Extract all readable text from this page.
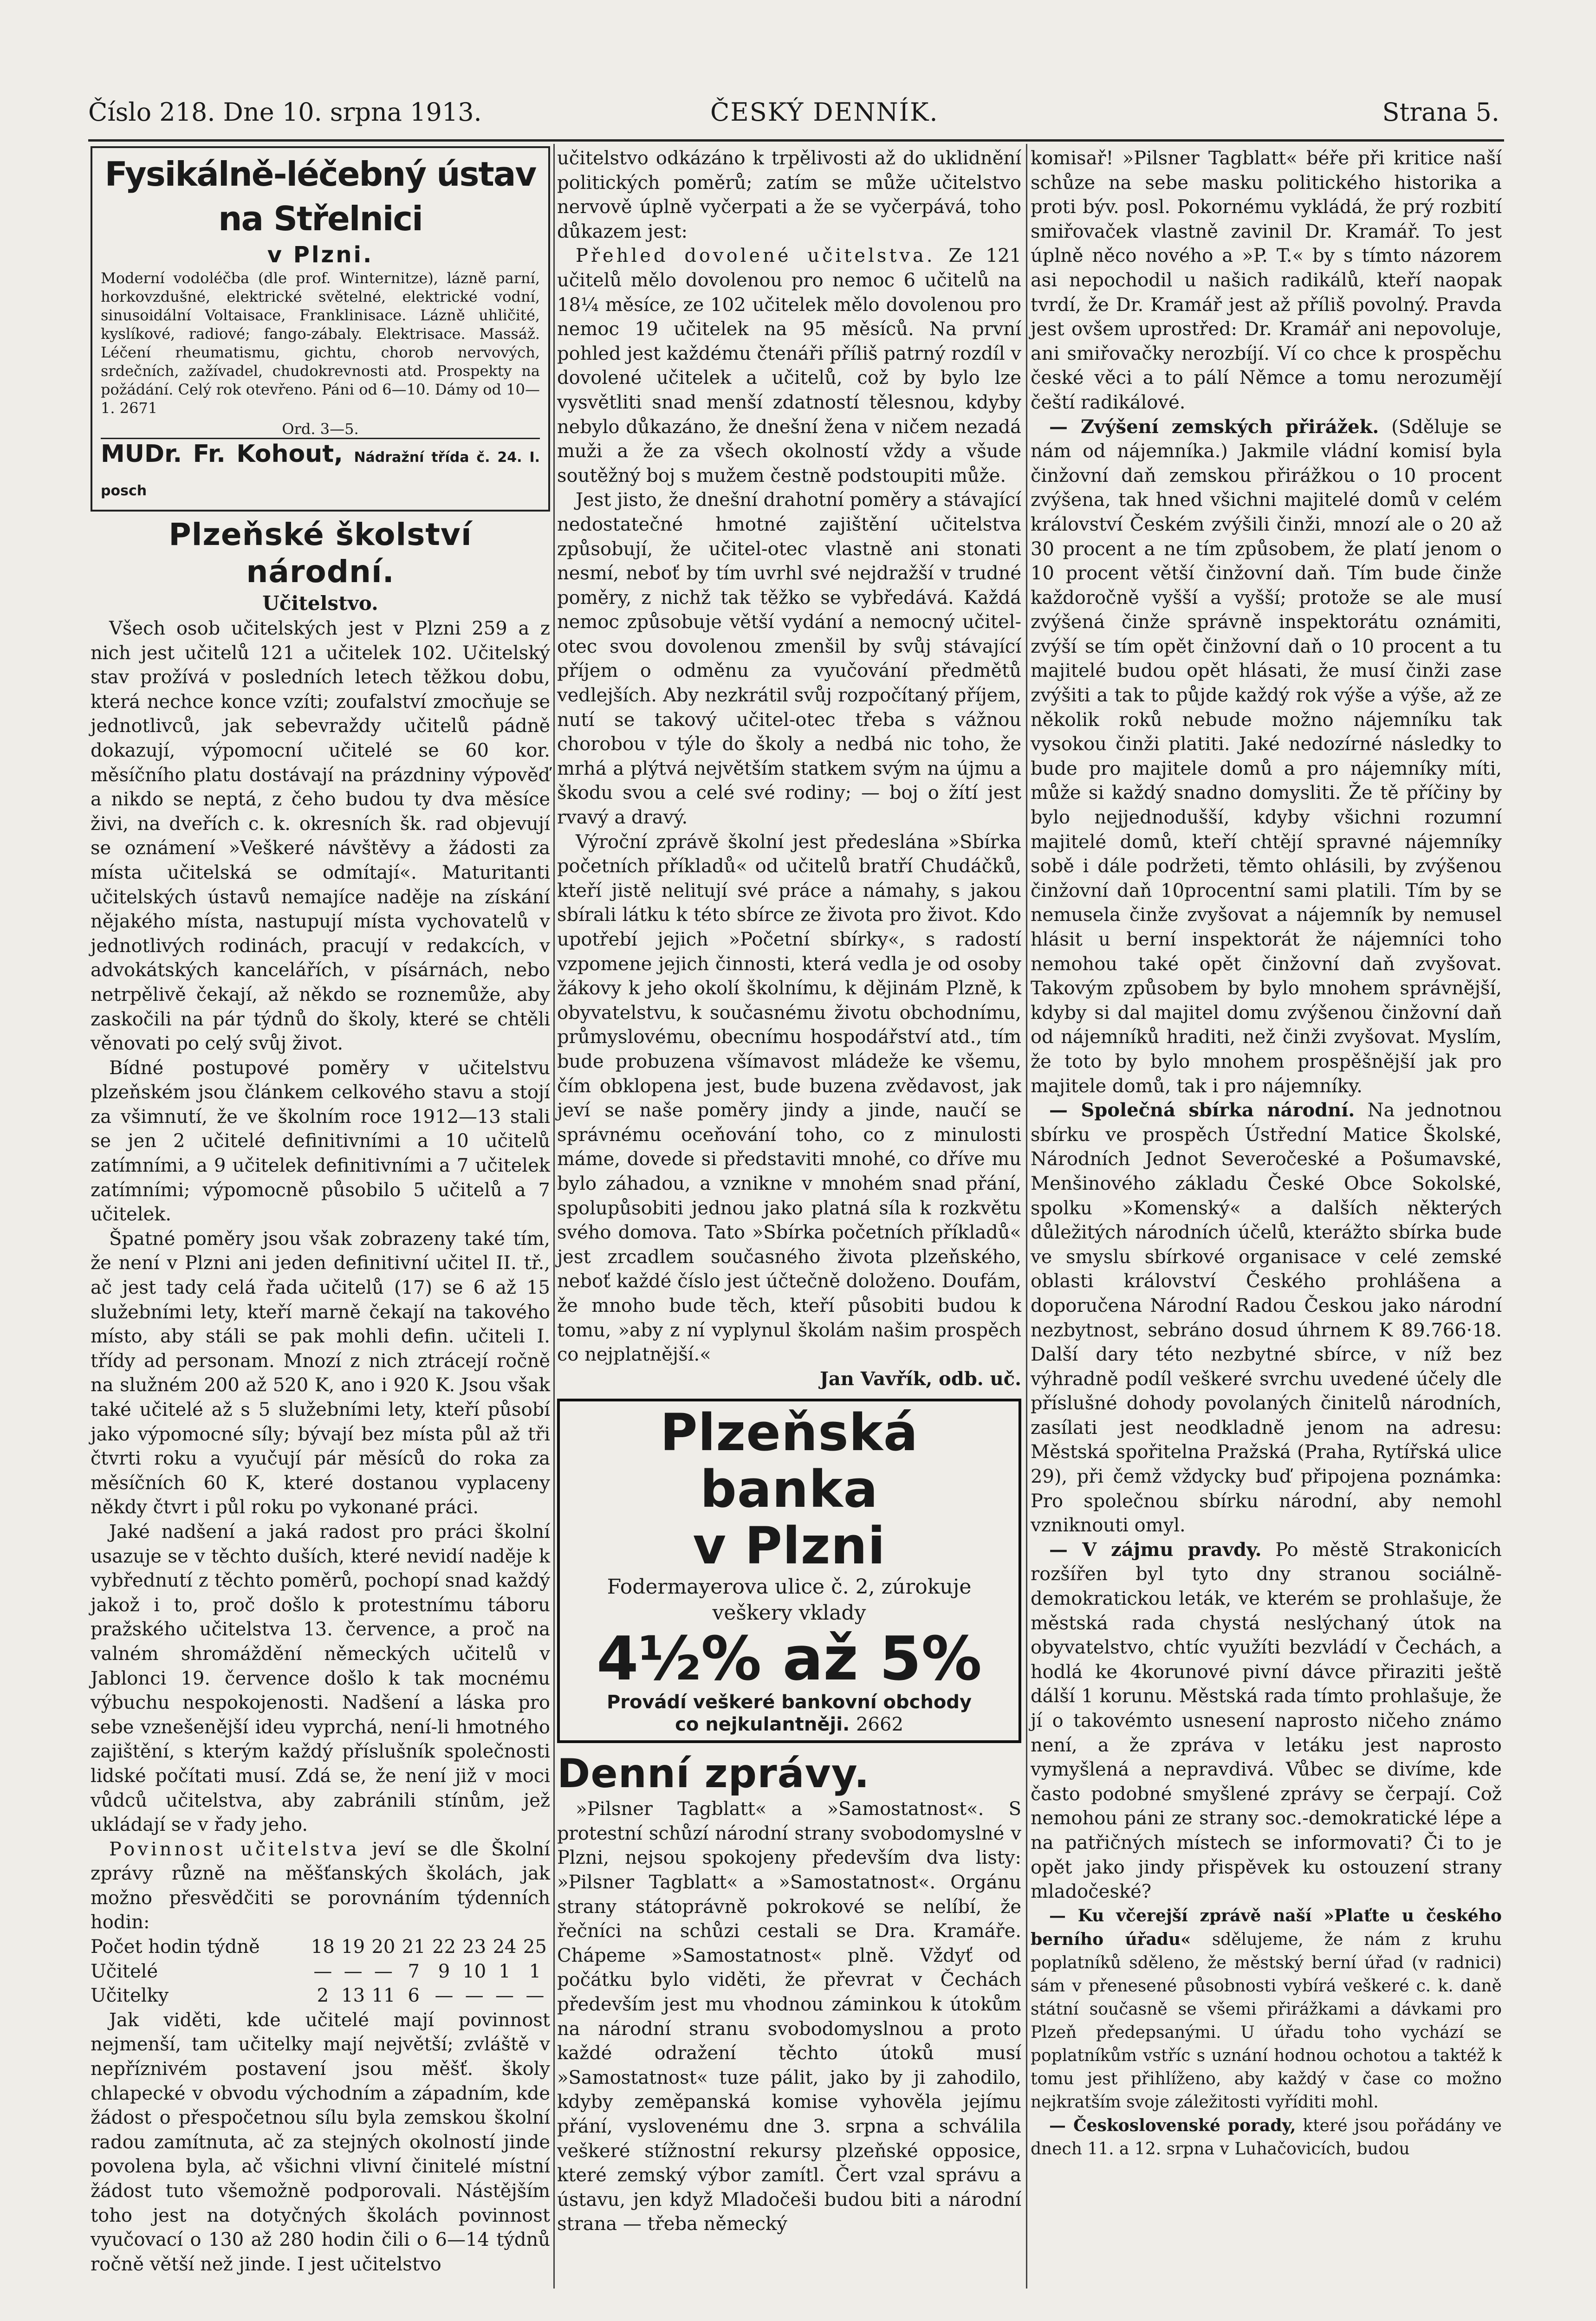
Číslo 218. Dne 10. srpna 1913.	ČESKÝ DENNÍK.	Strana 5.
Fysikálně-léčebný ústav na Střelnici
v Plzni.
Moderní vodoléčba (dle prof. Winternitze), lázně parní, horkovzdušné, elektrické světelné, elektrické vodní, sinusoidální Voltaisace, Franklinisace. Lázně uhličité, kyslíkové, radiové; fango-zábaly. Elektrisace. Massáž. Léčení rheumatismu, gichtu, chorob nervových, srdečních, zažívadel, chudokrevnosti atd. Prospekty na požádání. Celý rok otevřeno. Páni od 6—10. Dámy od 10—1. 2671
Ord. 3—5.
MUDr. Fr. Kohout, Nádražní třída č. 24. I. posch
Plzeňské školství národní.
Učitelstvo.

Všech osob učitelských jest v Plzni 259 a z nich jest učitelů 121 a učitelek 102. Učitelský stav prožívá v posledních letech těžkou dobu, která nechce konce vzíti; zoufalství zmocňuje se jednotlivců, jak sebevraždy učitelů pádně dokazují, výpomocní učitelé se 60 kor. měsíčního platu dostávají na prázdniny výpověď a nikdo se neptá, z čeho budou ty dva měsíce živi, na dveřích c. k. okresních šk. rad objevují se oznámení »Veškeré návštěvy a žádosti za místa učitelská se odmítají«. Maturitanti učitelských ústavů nemajíce naděje na získání nějakého místa, nastupují místa vychovatelů v jednotlivých rodinách, pracují v redakcích, v advokátských kancelářích, v písárnách, nebo netrpělivě čekají, až někdo se roznemůže, aby zaskočili na pár týdnů do školy, které se chtěli věnovati po celý svůj život.

Bídné postupové poměry v učitelstvu plzeňském jsou článkem celkového stavu a stojí za všimnutí, že ve školním roce 1912—13 stali se jen 2 učitelé definitivními a 10 učitelů zatímními, a 9 učitelek definitivními a 7 učitelek zatímními; výpomocně působilo 5 učitelů a 7 učitelek.

Špatné poměry jsou však zobrazeny také tím, že není v Plzni ani jeden definitivní učitel II. tř., ač jest tady celá řada učitelů (17) se 6 až 15 služebními lety, kteří marně čekají na takového místo, aby stáli se pak mohli defin. učiteli I. třídy ad personam. Mnozí z nich ztrácejí ročně na služném 200 až 520 K, ano i 920 K. Jsou však také učitelé až s 5 služebními lety, kteří působí jako výpomocné síly; bývají bez místa půl až tři čtvrti roku a vyučují pár měsíců do roka za měsíčních 60 K, které dostanou vyplaceny někdy čtvrt i půl roku po vykonané práci.

Jaké nadšení a jaká radost pro práci školní usazuje se v těchto duších, které nevidí naděje k vybřednutí z těchto poměrů, pochopí snad každý jakož i to, proč došlo k protestnímu táboru pražského učitelstva 13. července, a proč na valném shromáždění německých učitelů v Jablonci 19. července došlo k tak mocnému výbuchu nespokojenosti. Nadšení a láska pro sebe vznešenější ideu vyprchá, není-li hmotného zajištění, s kterým každý příslušník společnosti lidské počítati musí. Zdá se, že není již v moci vůdců učitelstva, aby zabránili stínům, jež ukládají se v řady jeho.

Povinnost učitelstva jeví se dle Školní zprávy různě na měšťanských školách, jak možno přesvědčiti se porovnáním týdenních hodin:

Počet hodin týdně	18	19	20	21	22	23	24	25
Učitelé	—	—	—	7	9	10	1	1
Učitelky	2	13	11	6	—	—	—	—

Jak viděti, kde učitelé mají povinnost nejmenší, tam učitelky mají největší; zvláště v nepříznivém postavení jsou měšť. školy chlapecké v obvodu východním a západním, kde žádost o přespočetnou sílu byla zemskou školní radou zamítnuta, ač za stejných okolností jinde povolena byla, ač všichni vlivní činitelé místní žádost tuto všemožně podporovali. Nástějším toho jest na dotyčných školách povinnost vyučovací o 130 až 280 hodin čili o 6—14 týdnů ročně větší než jinde. I jest učitelstvo

učitelstvo odkázáno k trpělivosti až do uklidnění politických poměrů; zatím se může učitelstvo nervově úplně vyčerpati a že se vyčerpává, toho důkazem jest:

Přehled dovolené učitelstva. Ze 121 učitelů mělo dovolenou pro nemoc 6 učitelů na 18¼ měsíce, ze 102 učitelek mělo dovolenou pro nemoc 19 učitelek na 95 měsíců. Na první pohled jest každému čtenáři příliš patrný rozdíl v dovolené učitelek a učitelů, což by bylo lze vysvětliti snad menší zdatností tělesnou, kdyby nebylo důkazáno, že dnešní žena v ničem nezadá muži a že za všech okolností vždy a všude soutěžný boj s mužem čestně podstoupiti může.

Jest jisto, že dnešní drahotní poměry a stávající nedostatečné hmotné zajištění učitelstva způsobují, že učitel-otec vlastně ani stonati nesmí, neboť by tím uvrhl své nejdražší v trudné poměry, z nichž tak těžko se vybředává. Každá nemoc způsobuje větší vydání a nemocný učitel-otec svou dovolenou zmenšil by svůj stávající příjem o odměnu za vyučování předmětů vedlejších. Aby nezkrátil svůj rozpočítaný příjem, nutí se takový učitel-otec třeba s vážnou chorobou v týle do školy a nedbá nic toho, že mrhá a plýtvá největším statkem svým na újmu a škodu svou a celé své rodiny; — boj o žítí jest rvavý a dravý.

Výroční zprávě školní jest předeslána »Sbírka početních příkladů« od učitelů bratří Chudáčků, kteří jistě nelitují své práce a námahy, s jakou sbírali látku k této sbírce ze života pro život. Kdo upotřebí jejich »Početní sbírky«, s radostí vzpomene jejich činnosti, která vedla je od osoby žákovy k jeho okolí školnímu, k dějinám Plzně, k obyvatelstvu, k současnému životu obchodnímu, průmyslovému, obecnímu hospodářství atd., tím bude probuzena všímavost mládeže ke všemu, čím obklopena jest, bude buzena zvědavost, jak jeví se naše poměry jindy a jinde, naučí se správnému oceňování toho, co z minulosti máme, dovede si představiti mnohé, co dříve mu bylo záhadou, a vznikne v mnohém snad přání, spolupůsobiti jednou jako platná síla k rozkvětu svého domova. Tato »Sbírka početních příkladů« jest zrcadlem současného života plzeňského, neboť každé číslo jest účtečně doloženo. Doufám, že mnoho bude těch, kteří působiti budou k tomu, »aby z ní vyplynul školám našim prospěch co nejplatnější.«

Jan Vavřík, odb. uč.
Plzeňská banka
v Plzni
Fodermayerova ulice č. 2, zúrokuje
veškery vklady
4½% až 5%
Provádí veškeré bankovní obchody
co nejkulantněji. 2662
Denní zprávy.

»Pilsner Tagblatt« a »Samostatnost«. S protestní schůzí národní strany svobodomyslné v Plzni, nejsou spokojeny především dva listy: »Pilsner Tagblatt« a »Samostatnost«. Orgánu strany státoprávně pokrokové se nelíbí, že řečníci na schůzi cestali se Dra. Kramáře. Chápeme »Samostatnost« plně. Vždyť od počátku bylo viděti, že převrat v Čechách především jest mu vhodnou záminkou k útokům na národní stranu svobodomyslnou a proto každé odražení těchto útoků musí »Samostatnost« tuze pálit, jako by ji zahodilo, kdyby zeměpanská komise vyhověla jejímu přání, vyslovenému dne 3. srpna a schválila veškeré stížnostní rekursy plzeňské opposice, které zemský výbor zamítl. Čert vzal správu a ústavu, jen když Mladočeši budou biti a národní strana — třeba německý

komisař! »Pilsner Tagblatt« béře při kritice naší schůze na sebe masku politického historika a proti býv. posl. Pokornému vykládá, že prý rozbití smiřovaček vlastně zavinil Dr. Kramář. To jest úplně něco nového a »P. T.« by s tímto názorem asi nepochodil u našich radikálů, kteří naopak tvrdí, že Dr. Kramář jest až příliš povolný. Pravda jest ovšem uprostřed: Dr. Kramář ani nepovoluje, ani smiřovačky nerozbíjí. Ví co chce k prospěchu české věci a to pálí Němce a tomu nerozumějí čeští radikálové.

— Zvýšení zemských přirážek. (Sděluje se nám od nájemníka.) Jakmile vládní komisí byla činžovní daň zemskou přirážkou o 10 procent zvýšena, tak hned všichni majitelé domů v celém království Českém zvýšili činži, mnozí ale o 20 až 30 procent a ne tím způsobem, že platí jenom o 10 procent větší činžovní daň. Tím bude činže každoročně vyšší a vyšší; protože se ale musí zvýšená činže správně inspektorátu oznámiti, zvýší se tím opět činžovní daň o 10 procent a tu majitelé budou opět hlásati, že musí činži zase zvýšiti a tak to půjde každý rok výše a výše, až ze několik roků nebude možno nájemníku tak vysokou činži platiti. Jaké nedozírné následky to bude pro majitele domů a pro nájemníky míti, může si každý snadno domysliti. Že tě příčiny by bylo nejjednodušší, kdyby všichni rozumní majitelé domů, kteří chtějí spravné nájemníky sobě i dále podržeti, těmto ohlásili, by zvýšenou činžovní daň 10procentní sami platili. Tím by se nemusela činže zvyšovat a nájemník by nemusel hlásit u berní inspektorát že nájemníci toho nemohou také opět činžovní daň zvyšovat. Takovým způsobem by bylo mnohem správnější, kdyby si dal majitel domu zvýšenou činžovní daň od nájemníků hraditi, než činži zvyšovat. Myslím, že toto by bylo mnohem prospěšnější jak pro majitele domů, tak i pro nájemníky.

— Společná sbírka národní. Na jednotnou sbírku ve prospěch Ústřední Matice Školské, Národních Jednot Severočeské a Pošumavské, Menšinového základu České Obce Sokolské, spolku »Komenský« a dalších některých důležitých národních účelů, kterážto sbírka bude ve smyslu sbírkové organisace v celé zemské oblasti království Českého prohlášena a doporučena Národní Radou Českou jako národní nezbytnost, sebráno dosud úhrnem K 89.766·18. Další dary této nezbytné sbírce, v níž bez výhradně podíl veškeré svrchu uvedené účely dle příslušné dohody povolaných činitelů národních, zasílati jest neodkladně jenom na adresu: Městská spořitelna Pražská (Praha, Rytířská ulice 29), při čemž vždycky buď připojena poznámka: Pro společnou sbírku národní, aby nemohl vzniknouti omyl.

— V zájmu pravdy. Po městě Strakonicích rozšířen byl tyto dny stranou sociálně-demokratickou leták, ve kterém se prohlašuje, že městská rada chystá neslýchaný útok na obyvatelstvo, chtíc využíti bezvládí v Čechách, a hodlá ke 4korunové pivní dávce přiraziti ještě dálší 1 korunu. Městská rada tímto prohlašuje, že jí o takovémto usnesení naprosto ničeho známo není, a že zpráva v letáku jest naprosto vymyšlená a nepravdivá. Vůbec se divíme, kde často podobné smyšlené zprávy se čerpají. Což nemohou páni ze strany soc.-demokratické lépe a na patřičných místech se informovati? Či to je opět jako jindy přispěvek ku ostouzení strany mladočeské?

— Ku včerejší zprávě naší »Plaťte u českého berního úřadu« sdělujeme, že nám z kruhu poplatníků sděleno, že městský berní úřad (v radnici) sám v přenesené působnosti vybírá veškeré c. k. daně státní současně se všemi přirážkami a dávkami pro Plzeň předepsanými. U úřadu toho vychází se poplatníkům vstříc s uznání hodnou ochotou a taktéž k tomu jest přihlíženo, aby každý v čase co možno nejkratším svoje záležitosti vyříditi mohl.

— Československé porady, které jsou pořádány ve dnech 11. a 12. srpna v Luhačovicích, budou
